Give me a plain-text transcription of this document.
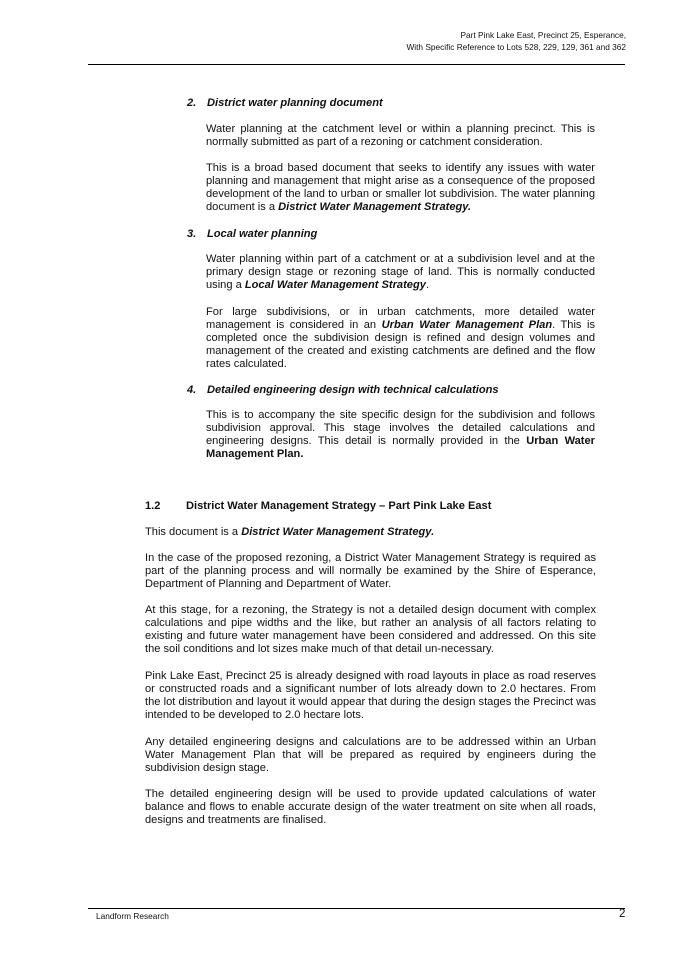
Part Pink Lake East, Precinct 25, Esperance,
With Specific Reference to Lots 528, 229, 129, 361 and 362
2. District water planning document

Water planning at the catchment level or within a planning precinct. This is normally submitted as part of a rezoning or catchment consideration.

This is a broad based document that seeks to identify any issues with water planning and management that might arise as a consequence of the proposed development of the land to urban or smaller lot subdivision. The water planning document is a District Water Management Strategy.

3. Local water planning

Water planning within part of a catchment or at a subdivision level and at the primary design stage or rezoning stage of land. This is normally conducted using a Local Water Management Strategy.

For large subdivisions, or in urban catchments, more detailed water management is considered in an Urban Water Management Plan. This is completed once the subdivision design is refined and design volumes and management of the created and existing catchments are defined and the flow rates calculated.

4. Detailed engineering design with technical calculations

This is to accompany the site specific design for the subdivision and follows subdivision approval. This stage involves the detailed calculations and engineering designs. This detail is normally provided in the Urban Water Management Plan.

1.2 District Water Management Strategy – Part Pink Lake East

This document is a District Water Management Strategy.

In the case of the proposed rezoning, a District Water Management Strategy is required as part of the planning process and will normally be examined by the Shire of Esperance, Department of Planning and Department of Water.

At this stage, for a rezoning, the Strategy is not a detailed design document with complex calculations and pipe widths and the like, but rather an analysis of all factors relating to existing and future water management have been considered and addressed. On this site the soil conditions and lot sizes make much of that detail un-necessary.

Pink Lake East, Precinct 25 is already designed with road layouts in place as road reserves or constructed roads and a significant number of lots already down to 2.0 hectares. From the lot distribution and layout it would appear that during the design stages the Precinct was intended to be developed to 2.0 hectare lots.

Any detailed engineering designs and calculations are to be addressed within an Urban Water Management Plan that will be prepared as required by engineers during the subdivision design stage.

The detailed engineering design will be used to provide updated calculations of water balance and flows to enable accurate design of the water treatment on site when all roads, designs and treatments are finalised.

Landform Research	2
